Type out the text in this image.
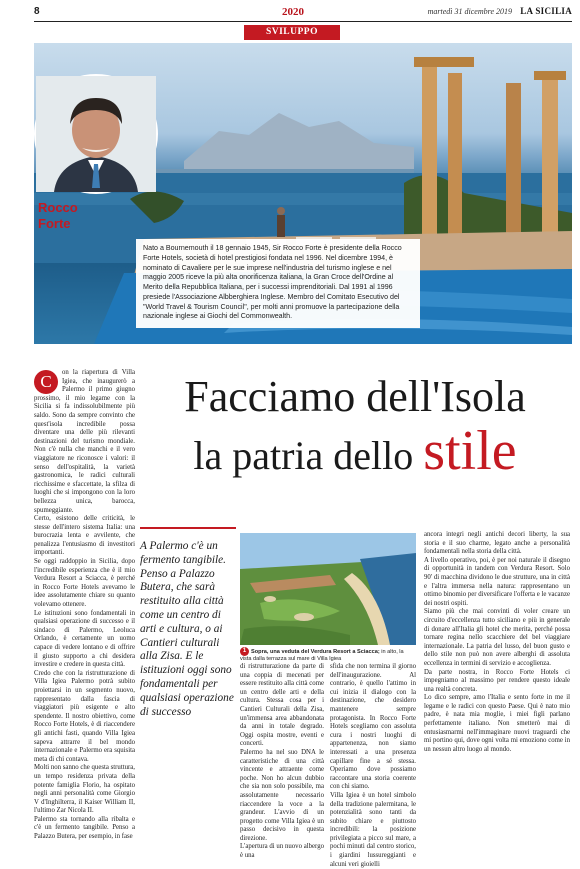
8	2020	martedì 31 dicembre 2019 LA SICILIA
SVILUPPO
Rocco
Forte
Nato a Bournemouth il 18 gennaio 1945, Sir Rocco Forte è presidente della Rocco Forte Hotels, società di hotel prestigiosi fondata nel 1996. Nel dicembre 1994, è nominato di Cavaliere per le sue imprese nell'industria del turismo inglese e nel maggio 2005 riceve la più alta onorificenza italiana, la Gran Croce dell'Ordine al Merito della Repubblica Italiana, per i successi imprenditoriali. Dal 1991 al 1996 presiede l'Associazione Albberghiera Inglese. Membro del Comitato Esecutivo del "World Travel & Tourism Council", per molti anni promuove la partecipazione della nazionale inglese ai Giochi del Commonwealth.
Facciamo dell'Isola
la patria dello stile
C	on la riapertura di Villa Igiea, che inaugurerò a Palermo il primo giugno prossimo, il mio legame con la Sicilia si fa indissolubilmente più saldo. Sono da sempre convinto che quest'isola incredibile possa diventare una delle più rilevanti destinazioni del turismo mondiale. Non c'è nulla che manchi e il vero viaggiatore ne riconosce i valori: il senso dell'ospitalità, la varietà gastronomica, le radici culturali ricchissime e sfaccettate, la sfilza di luoghi che si impongono con la loro bellezza unica, barocca, spumeggiante.

Certo, esistono delle criticità, le stesse dell'intero sistema Italia: una burocrazia lenta e avvilente, che penalizza l'entusiasmo di investitori importanti.

Se oggi raddoppio in Sicilia, dopo l'incredibile esperienza che è il mio Verdura Resort a Sciacca, è perché in Rocco Forte Hotels avevamo le idee assolutamente chiare su quanto volevamo ottenere.

Le istituzioni sono fondamentali in qualsiasi operazione di successo e il sindaco di Palermo, Leoluca Orlando, è certamente un uomo capace di vedere lontano e di offrire il giusto supporto a chi desidera investire e credere in questa città.

Credo che con la ristrutturazione di Villa Igiea Palermo potrà subito proiettarsi in un segmento nuovo, rappresentato dalla fascia di viaggiatori più esigente e alto spendente. Il nostro obiettivo, come Rocco Forte Hotels, è di riaccendere gli antichi fasti, quando Villa Igiea sapeva attrarre il bel mondo internazionale e Palermo era squisita meta di chi contava.

Molti non sanno che questa struttura, un tempo residenza privata della potente famiglia Florio, ha ospitato negli anni personalità come Giorgio V d'Inghilterra, il Kaiser William II, l'ultimo Zar Nicola II.

Palermo sta tornando alla ribalta e c'è un fermento tangibile. Penso a Palazzo Butera, per esempio, in fase

A Palermo c'è un fermento tangibile. Penso a Palazzo Butera, che sarà restituito alla città come un centro di arti e cultura, o ai Cantieri culturali alla Zisa. E le istituzioni oggi sono fondamentali per qualsiasi operazione di successo
1 Sopra, una veduta del Verdura Resort a Sciacca; in alto, la vista dalla terrazza sul mare di Villa Igiea

di ristrutturazione da parte di una coppia di mecenati per essere restituito alla città come un centro delle arti e della cultura. Stessa cosa per i Cantieri Culturali della Zisa, un'immensa area abbandonata da anni in totale degrado. Oggi ospita mostre, eventi e concerti.

Palermo ha nel suo DNA le caratteristiche di una città vincente e attraente come poche. Non ho alcun dubbio che sia non solo possibile, ma assolutamente necessario riaccendere la voce a la grandeur. L'avvio di un progetto come Villa Igiea è un passo decisivo in questa direzione.

L'apertura di un nuovo albergo è una

sfida che non termina il giorno dell'inaugurazione. Al contrario, è quello l'attimo in cui inizia il dialogo con la destinazione, che desidero mantenere sempre protagonista. In Rocco Forte Hotels scegliamo con assoluta cura i nostri luoghi di appartenenza, non siamo interessati a una presenza capillare fine a sé stessa. Operiamo dove possiamo raccontare una storia coerente con chi siamo.

Villa Igiea è un hotel simbolo della tradizione palermitana, le potenzialità sono tanti da subito chiare e piuttosto incredibili: la posizione privilegiata a picco sul mare, a pochi minuti dal centro storico, i giardini lussureggianti e alcuni veri gioielli

ancora integri negli antichi decori liberty, la sua storia e il suo charme, legato anche a personalità fondamentali nella storia della città.

A livello operativo, poi, è per noi naturale il disegno di opportunità in tandem con Verdura Resort. Solo 90' di macchina dividono le due strutture, una in città e l'altra immersa nella natura: rappresentano un ottimo binomio per diversificare l'offerta e le vacanze dei nostri ospiti.

Siamo più che mai convinti di voler creare un circuito d'eccellenza tutto siciliano e più in generale di donare all'Italia gli hotel che merita, perché possa tornare regina nello scacchiere del bel viaggiare internazionale. La patria del lusso, del buon gusto e dello stile non può non avere alberghi di assoluta eccellenza in termini di servizio e accoglienza.

Da parte nostra, in Rocco Forte Hotels ci impegniamo al massimo per rendere questo ideale una realtà concreta.

Lo dico sempre, amo l'Italia e sento forte in me il legame e le radici con questo Paese. Qui è nato mio padre, è nata mia moglie, i miei figli parlano perfettamente italiano. Non smetterò mai di entusiasmarmi nell'immaginare nuovi traguardi che mi portino qui, dove ogni volta mi emoziono come in un nessun altro luogo al mondo.
